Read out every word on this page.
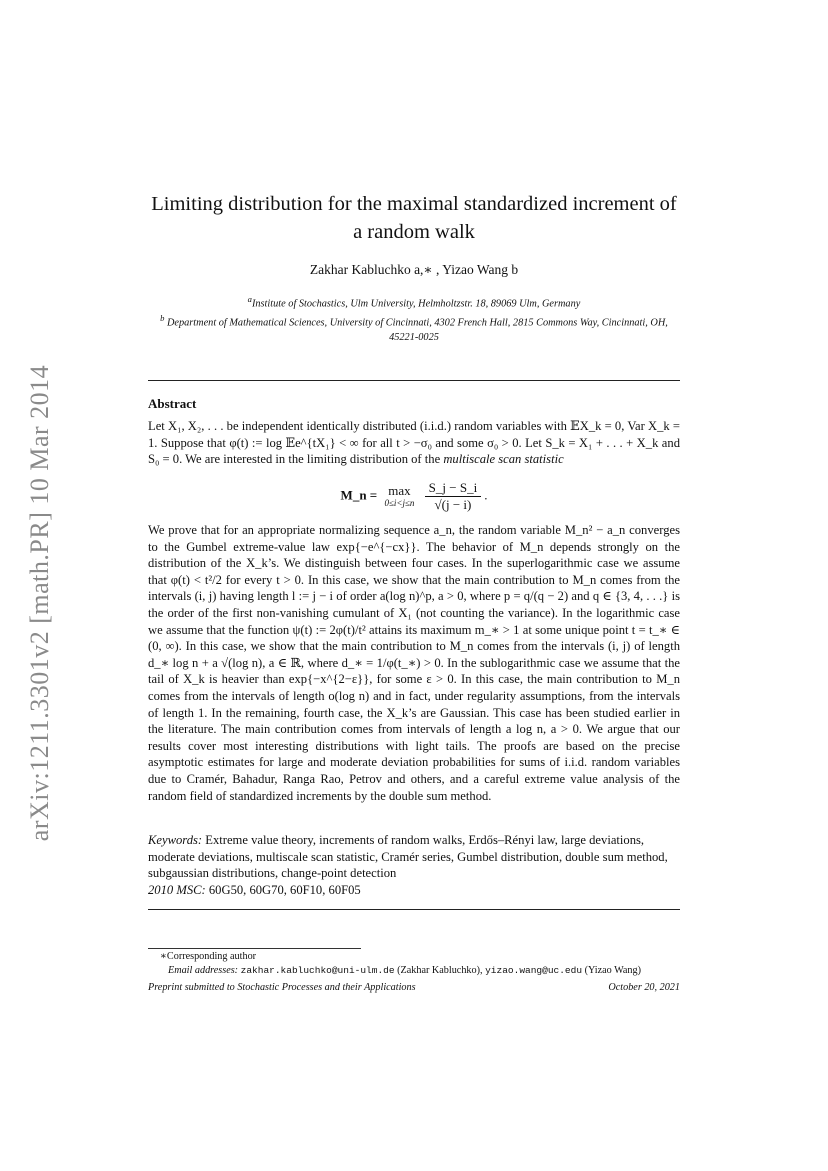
arXiv:1211.3301v2 [math.PR] 10 Mar 2014
Limiting distribution for the maximal standardized increment of a random walk
Zakhar Kabluchko a,∗ , Yizao Wang b
$^a$Institute of Stochastics, Ulm University, Helmholtzstr. 18, 89069 Ulm, Germany
$^b$ Department of Mathematical Sciences, University of Cincinnati, 4302 French Hall, 2815 Commons Way, Cincinnati, OH, 45221-0025
Abstract
Let X₁, X₂, . . . be independent identically distributed (i.i.d.) random variables with 𝔼X_k = 0, Var X_k = 1. Suppose that φ(t) := log 𝔼e^{tX₁} < ∞ for all t > −σ₀ and some σ₀ > 0. Let S_k = X₁ + . . . + X_k and S₀ = 0. We are interested in the limiting distribution of the multiscale scan statistic
M_n = max
0≤i<j≤n
$\frac{S\_j - S\_i}{√(j - i)}$ .
We prove that for an appropriate normalizing sequence a_n, the random variable M_n² − a_n converges to the Gumbel extreme-value law exp{−e^{−cx}}. The behavior of M_n depends strongly on the distribution of the X_k’s. We distinguish between four cases. In the superlogarithmic case we assume that φ(t) < t²/2 for every t > 0. In this case, we show that the main contribution to M_n comes from the intervals (i, j) having length l := j − i of order a(log n)^p, a > 0, where p = q/(q − 2) and q ∈ {3, 4, . . .} is the order of the first non-vanishing cumulant of X₁ (not counting the variance). In the logarithmic case we assume that the function ψ(t) := 2φ(t)/t² attains its maximum m_∗ > 1 at some unique point t = t_∗ ∈ (0, ∞). In this case, we show that the main contribution to M_n comes from the intervals (i, j) of length d_∗ log n + a √(log n), a ∈ ℝ, where d_∗ = 1/φ(t_∗) > 0. In the sublogarithmic case we assume that the tail of X_k is heavier than exp{−x^{2−ε}}, for some ε > 0. In this case, the main contribution to M_n comes from the intervals of length o(log n) and in fact, under regularity assumptions, from the intervals of length 1. In the remaining, fourth case, the X_k’s are Gaussian. This case has been studied earlier in the literature. The main contribution comes from intervals of length a log n, a > 0. We argue that our results cover most interesting distributions with light tails. The proofs are based on the precise asymptotic estimates for large and moderate deviation probabilities for sums of i.i.d. random variables due to Cramér, Bahadur, Ranga Rao, Petrov and others, and a careful extreme value analysis of the random field of standardized increments by the double sum method.
Keywords: Extreme value theory, increments of random walks, Erdős–Rényi law, large deviations, moderate deviations, multiscale scan statistic, Cramér series, Gumbel distribution, double sum method, subgaussian distributions, change-point detection
2010 MSC: 60G50, 60G70, 60F10, 60F05
∗Corresponding author
Email addresses: zakhar.kabluchko@uni-ulm.de (Zakhar Kabluchko), yizao.wang@uc.edu (Yizao Wang)
Preprint submitted to Stochastic Processes and their Applications	October 20, 2021
